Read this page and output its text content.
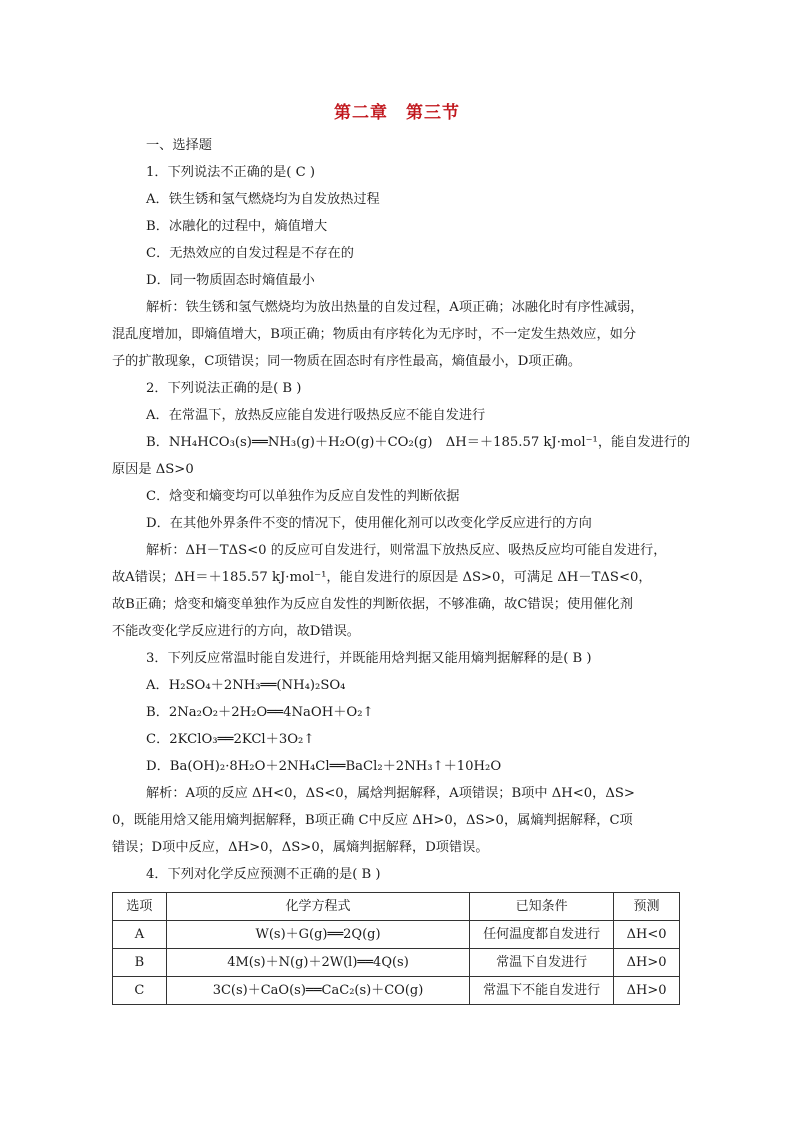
第二章　第三节

一、选择题

1．下列说法不正确的是( C )

A．铁生锈和氢气燃烧均为自发放热过程

B．冰融化的过程中，熵值增大

C．无热效应的自发过程是不存在的

D．同一物质固态时熵值最小

解析：铁生锈和氢气燃烧均为放出热量的自发过程，A项正确；冰融化时有序性减弱，

混乱度增加，即熵值增大，B项正确；物质由有序转化为无序时，不一定发生热效应，如分

子的扩散现象，C项错误；同一物质在固态时有序性最高，熵值最小，D项正确。

2．下列说法正确的是( B )

A．在常温下，放热反应能自发进行吸热反应不能自发进行

B．NH₄HCO₃(s)══NH₃(g)＋H₂O(g)＋CO₂(g)　ΔH＝＋185.57 kJ·mol⁻¹，能自发进行的

原因是 ΔS>0

C．焓变和熵变均可以单独作为反应自发性的判断依据

D．在其他外界条件不变的情况下，使用催化剂可以改变化学反应进行的方向

解析：ΔH－TΔS<0 的反应可自发进行，则常温下放热反应、吸热反应均可能自发进行，

故A错误；ΔH＝＋185.57 kJ·mol⁻¹，能自发进行的原因是 ΔS>0，可满足 ΔH－TΔS<0，

故B正确；焓变和熵变单独作为反应自发性的判断依据，不够准确，故C错误；使用催化剂

不能改变化学反应进行的方向，故D错误。

3．下列反应常温时能自发进行，并既能用焓判据又能用熵判据解释的是( B )

A．H₂SO₄＋2NH₃══(NH₄)₂SO₄

B．2Na₂O₂＋2H₂O══4NaOH＋O₂↑

C．2KClO₃══2KCl＋3O₂↑

D．Ba(OH)₂·8H₂O＋2NH₄Cl══BaCl₂＋2NH₃↑＋10H₂O

解析：A项的反应 ΔH<0，ΔS<0，属焓判据解释，A项错误；B项中 ΔH<0，ΔS>

0，既能用焓又能用熵判据解释，B项正确 C中反应 ΔH>0，ΔS>0，属熵判据解释，C项

错误；D项中反应，ΔH>0，ΔS>0，属熵判据解释，D项错误。

4．下列对化学反应预测不正确的是( B )

选项	化学方程式	已知条件	预测
A	W(s)＋G(g)══2Q(g)	任何温度都自发进行	ΔH<0
B	4M(s)＋N(g)＋2W(l)══4Q(s)	常温下自发进行	ΔH>0
C	3C(s)＋CaO(s)══CaC₂(s)＋CO(g)	常温下不能自发进行	ΔH>0
